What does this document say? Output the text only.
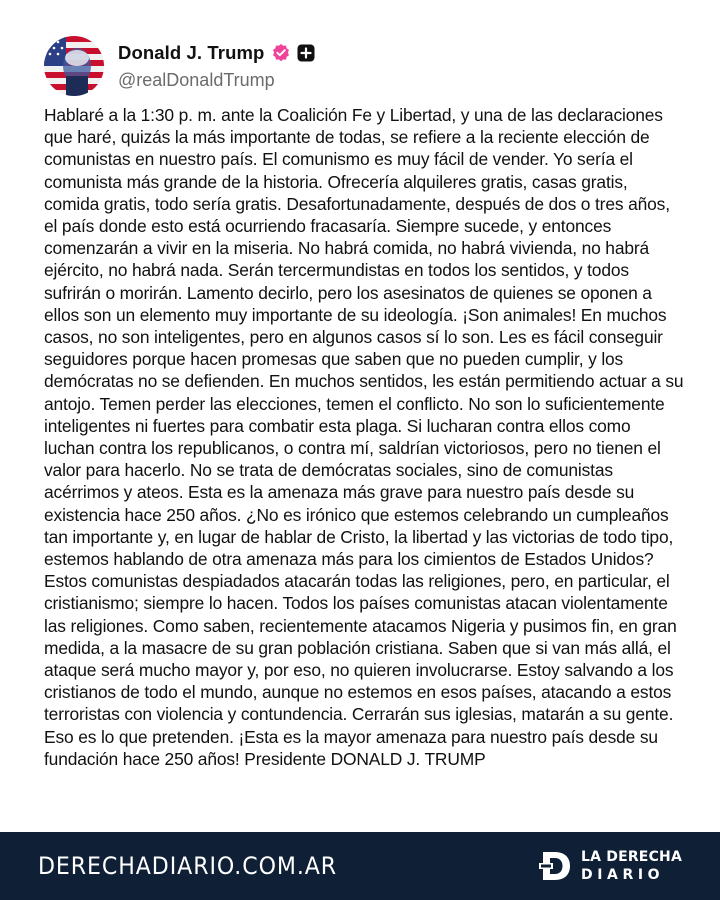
Donald J. Trump
@realDonaldTrump
Hablaré a la 1:30 p. m. ante la Coalición Fe y Libertad, y una de las declaraciones que haré, quizás la más importante de todas, se refiere a la reciente elección de comunistas en nuestro país. El comunismo es muy fácil de vender. Yo sería el comunista más grande de la historia. Ofrecería alquileres gratis, casas gratis, comida gratis, todo sería gratis. Desafortunadamente, después de dos o tres años, el país donde esto está ocurriendo fracasaría. Siempre sucede, y entonces comenzarán a vivir en la miseria. No habrá comida, no habrá vivienda, no habrá ejército, no habrá nada. Serán tercermundistas en todos los sentidos, y todos sufrirán o morirán. Lamento decirlo, pero los asesinatos de quienes se oponen a ellos son un elemento muy importante de su ideología. ¡Son animales! En muchos casos, no son inteligentes, pero en algunos casos sí lo son. Les es fácil conseguir seguidores porque hacen promesas que saben que no pueden cumplir, y los demócratas no se defienden. En muchos sentidos, les están permitiendo actuar a su antojo. Temen perder las elecciones, temen el conflicto. No son lo suficientemente inteligentes ni fuertes para combatir esta plaga. Si lucharan contra ellos como luchan contra los republicanos, o contra mí, saldrían victoriosos, pero no tienen el valor para hacerlo. No se trata de demócratas sociales, sino de comunistas acérrimos y ateos. Esta es la amenaza más grave para nuestro país desde su existencia hace 250 años. ¿No es irónico que estemos celebrando un cumpleaños tan importante y, en lugar de hablar de Cristo, la libertad y las victorias de todo tipo, estemos hablando de otra amenaza más para los cimientos de Estados Unidos? Estos comunistas despiadados atacarán todas las religiones, pero, en particular, el cristianismo; siempre lo hacen. Todos los países comunistas atacan violentamente las religiones. Como saben, recientemente atacamos Nigeria y pusimos fin, en gran medida, a la masacre de su gran población cristiana. Saben que si van más allá, el ataque será mucho mayor y, por eso, no quieren involucrarse. Estoy salvando a los cristianos de todo el mundo, aunque no estemos en esos países, atacando a estos terroristas con violencia y contundencia. Cerrarán sus iglesias, matarán a su gente. Eso es lo que pretenden. ¡Esta es la mayor amenaza para nuestro país desde su fundación hace 250 años! Presidente DONALD J. TRUMP
DERECHADIARIO.COM.AR	LA DERECHA
DIARIO
